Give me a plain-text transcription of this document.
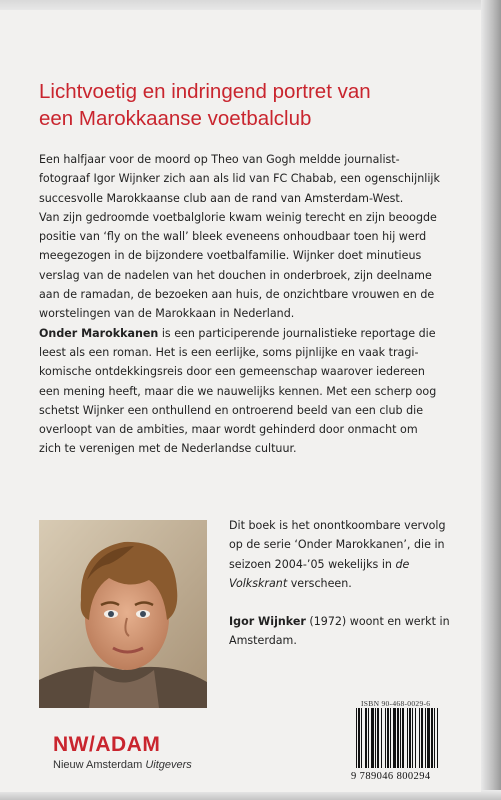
Lichtvoetig en indringend portret van
een Marokkaanse voetbalclub
Een halfjaar voor de moord op Theo van Gogh meldde journalist-
fotograaf Igor Wijnker zich aan als lid van FC Chabab, een ogenschijnlijk
succesvolle Marokkaanse club aan de rand van Amsterdam-West.
Van zijn gedroomde voetbalglorie kwam weinig terecht en zijn beoogde
positie van ‘fly on the wall’ bleek eveneens onhoudbaar toen hij werd
meegezogen in de bijzondere voetbalfamilie. Wijnker doet minutieus
verslag van de nadelen van het douchen in onderbroek, zijn deelname
aan de ramadan, de bezoeken aan huis, de onzichtbare vrouwen en de
worstelingen van de Marokkaan in Nederland.
Onder Marokkanen is een participerende journalistieke reportage die
leest als een roman. Het is een eerlijke, soms pijnlijke en vaak tragi-
komische ontdekkingsreis door een gemeenschap waarover iedereen
een mening heeft, maar die we nauwelijks kennen. Met een scherp oog
schetst Wijnker een onthullend en ontroerend beeld van een club die
overloopt van de ambities, maar wordt gehinderd door onmacht om
zich te verenigen met de Nederlandse cultuur.
Dit boek is het onontkoombare vervolg
op de serie ‘Onder Marokkanen’, die in
seizoen 2004-’05 wekelijks in de
Volkskrant verscheen.
Igor Wijnker (1972) woont en werkt in
Amsterdam.
ISBN 90-468-0029-6
9 789046 800294
NW/ADAM
Nieuw Amsterdam Uitgevers
